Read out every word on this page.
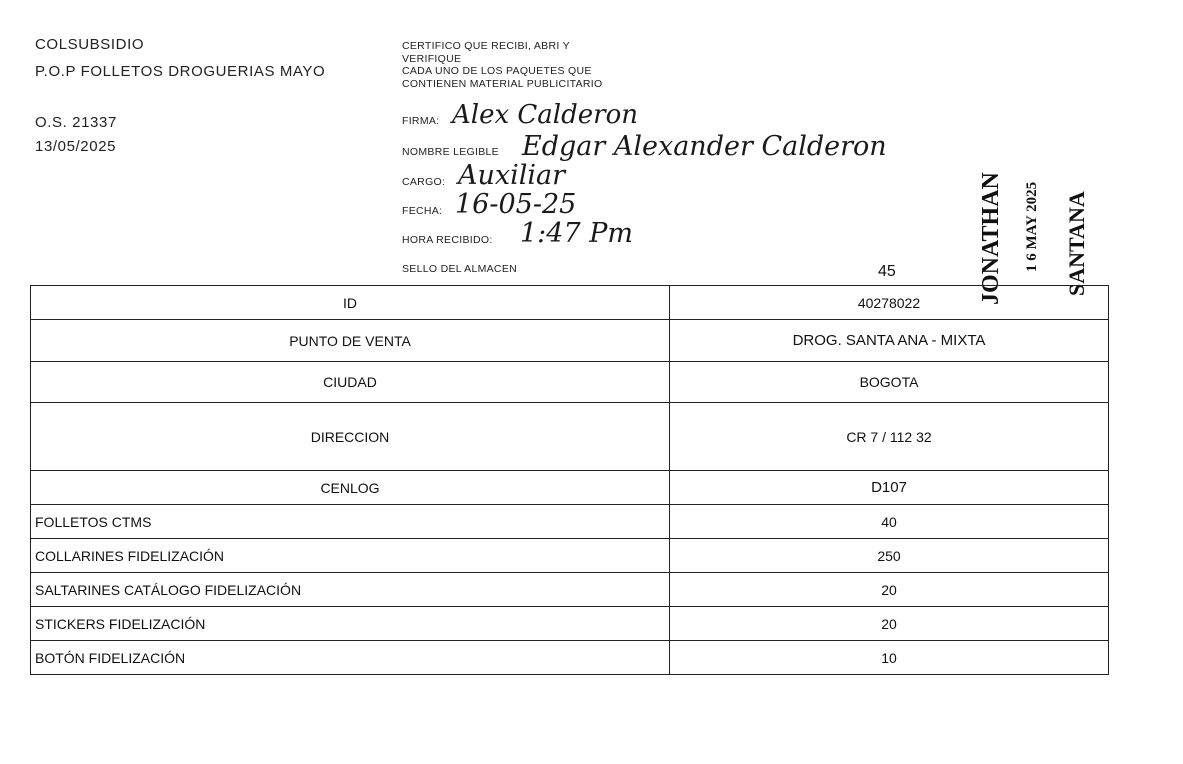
COLSUBSIDIO
P.O.P FOLLETOS DROGUERIAS MAYO
O.S. 21337
13/05/2025
CERTIFICO QUE RECIBI, ABRI Y
VERIFIQUE
CADA UNO DE LOS PAQUETES QUE
CONTIENEN MATERIAL PUBLICITARIO
FIRMA: Alex Calderon
NOMBRE LEGIBLE Edgar Alexander Calderon
CARGO: Auxiliar
FECHA: 16-05-25
HORA RECIBIDO: 1:47 Pm
SELLO DEL ALMACEN	45	JONATHAN 1 6 MAY 2025 SANTANA
ID	40278022
PUNTO DE VENTA	DROG. SANTA ANA - MIXTA
CIUDAD	BOGOTA
DIRECCION	CR 7 / 112 32
CENLOG	D107
FOLLETOS CTMS	40
COLLARINES FIDELIZACIÓN	250
SALTARINES CATÁLOGO FIDELIZACIÓN	20
STICKERS FIDELIZACIÓN	20
BOTÓN FIDELIZACIÓN	10
